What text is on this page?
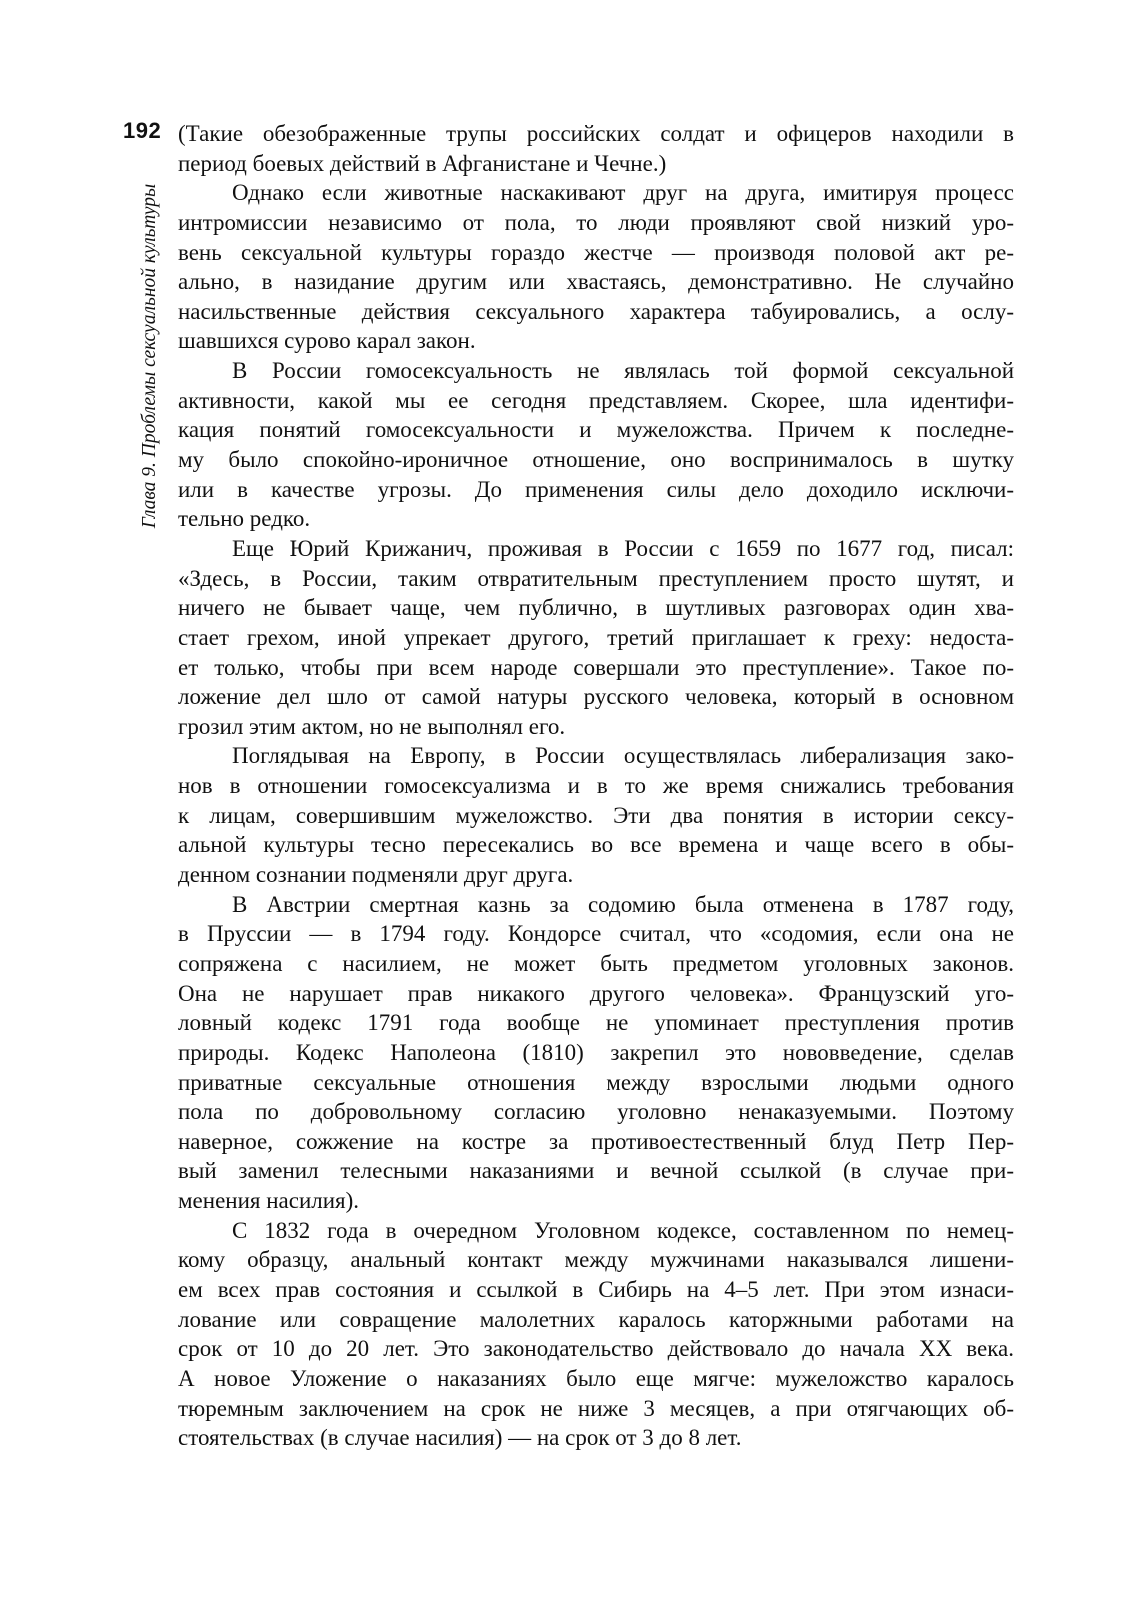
192
Глава 9. Проблемы сексуальной культуры
(Такие обезображенные трупы российских солдат и офицеров находили в
период боевых действий в Афганистане и Чечне.)
Однако если животные наскакивают друг на друга, имитируя процесс
интромиссии независимо от пола, то люди проявляют свой низкий уро-
вень сексуальной культуры гораздо жестче — производя половой акт ре-
ально, в назидание другим или хвастаясь, демонстративно. Не случайно
насильственные действия сексуального характера табуировались, а ослу-
шавшихся сурово карал закон.
В России гомосексуальность не являлась той формой сексуальной
активности, какой мы ее сегодня представляем. Скорее, шла идентифи-
кация понятий гомосексуальности и мужеложства. Причем к последне-
му было спокойно-ироничное отношение, оно воспринималось в шутку
или в качестве угрозы. До применения силы дело доходило исключи-
тельно редко.
Еще Юрий Крижанич, проживая в России с 1659 по 1677 год, писал:
«Здесь, в России, таким отвратительным преступлением просто шутят, и
ничего не бывает чаще, чем публично, в шутливых разговорах один хва-
стает грехом, иной упрекает другого, третий приглашает к греху: недоста-
ет только, чтобы при всем народе совершали это преступление». Такое по-
ложение дел шло от самой натуры русского человека, который в основном
грозил этим актом, но не выполнял его.
Поглядывая на Европу, в России осуществлялась либерализация зако-
нов в отношении гомосексуализма и в то же время снижались требования
к лицам, совершившим мужеложство. Эти два понятия в истории сексу-
альной культуры тесно пересекались во все времена и чаще всего в обы-
денном сознании подменяли друг друга.
В Австрии смертная казнь за содомию была отменена в 1787 году,
в Пруссии — в 1794 году. Кондорсе считал, что «содомия, если она не
сопряжена с насилием, не может быть предметом уголовных законов.
Она не нарушает прав никакого другого человека». Французский уго-
ловный кодекс 1791 года вообще не упоминает преступления против
природы. Кодекс Наполеона (1810) закрепил это нововведение, сделав
приватные сексуальные отношения между взрослыми людьми одного
пола по добровольному согласию уголовно ненаказуемыми. Поэтому
наверное, сожжение на костре за противоестественный блуд Петр Пер-
вый заменил телесными наказаниями и вечной ссылкой (в случае при-
менения насилия).
С 1832 года в очередном Уголовном кодексе, составленном по немец-
кому образцу, анальный контакт между мужчинами наказывался лишени-
ем всех прав состояния и ссылкой в Сибирь на 4–5 лет. При этом изнаси-
лование или совращение малолетних каралось каторжными работами на
срок от 10 до 20 лет. Это законодательство действовало до начала XX века.
А новое Уложение о наказаниях было еще мягче: мужеложство каралось
тюремным заключением на срок не ниже 3 месяцев, а при отягчающих об-
стоятельствах (в случае насилия) — на срок от 3 до 8 лет.
